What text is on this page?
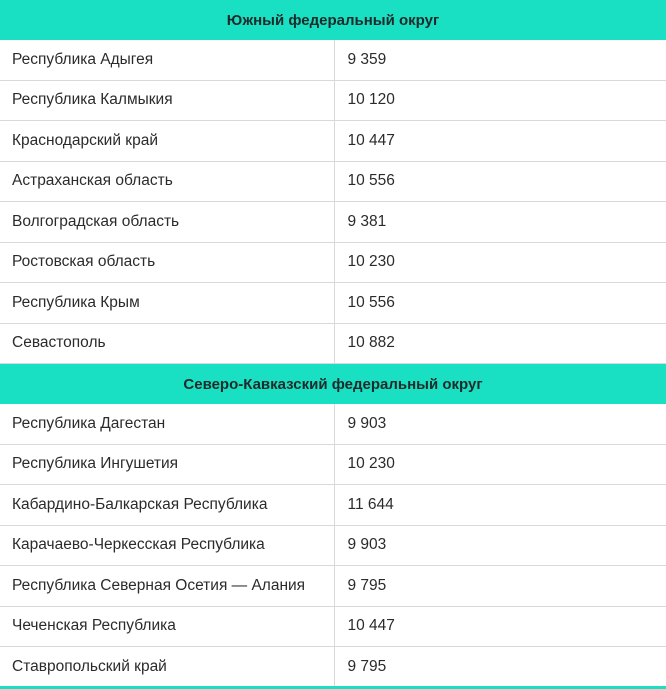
Южный федеральный округ	
Республика Адыгея	9 359
Республика Калмыкия	10 120
Краснодарский край	10 447
Астраханская область	10 556
Волгоградская область	9 381
Ростовская область	10 230
Республика Крым	10 556
Севастополь	10 882
Северо-Кавказский федеральный округ	
Республика Дагестан	9 903
Республика Ингушетия	10 230
Кабардино-Балкарская Республика	11 644
Карачаево-Черкесская Республика	9 903
Республика Северная Осетия — Алания	9 795
Чеченская Республика	10 447
Ставропольский край	9 795
